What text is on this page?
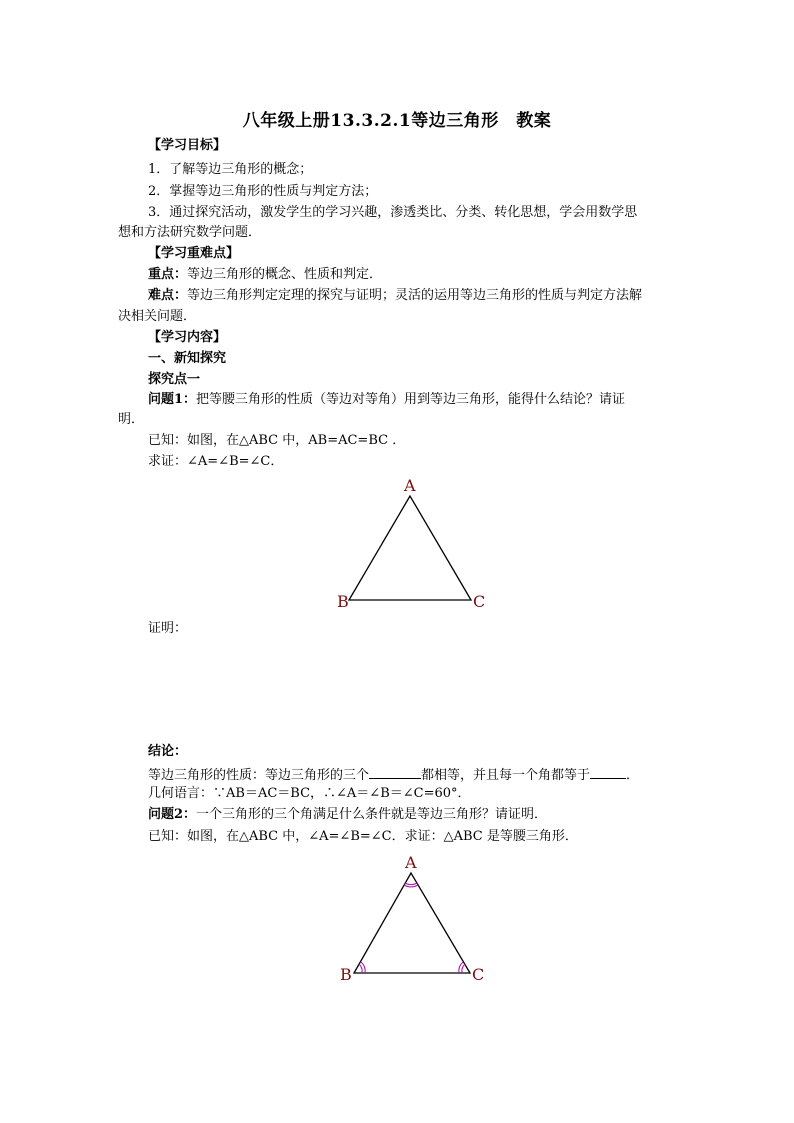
八年级上册13.3.2.1等边三角形　教案
【学习目标】
1．了解等边三角形的概念；
2．掌握等边三角形的性质与判定方法；
3．通过探究活动，激发学生的学习兴趣，渗透类比、分类、转化思想，学会用数学思
想和方法研究数学问题．
【学习重难点】
重点：等边三角形的概念、性质和判定．
难点：等边三角形判定定理的探究与证明；灵活的运用等边三角形的性质与判定方法解
决相关问题．
【学习内容】
一、新知探究
探究点一
问题1：把等腰三角形的性质（等边对等角）用到等边三角形，能得什么结论？请证
明．
已知：如图，在△ABC 中，AB=AC=BC ．
求证：∠A=∠B=∠C．
证明：
结论：
等边三角形的性质：等边三角形的三个	都相等，并且每一个角都等于	．
几何语言：∵AB＝AC＝BC，∴∠A＝∠B＝∠C=60°．
问题2：一个三角形的三个角满足什么条件就是等边三角形？请证明．
已知：如图，在△ABC 中，∠A=∠B=∠C．求证：△ABC 是等腰三角形．
A
B	C
A
B	C
